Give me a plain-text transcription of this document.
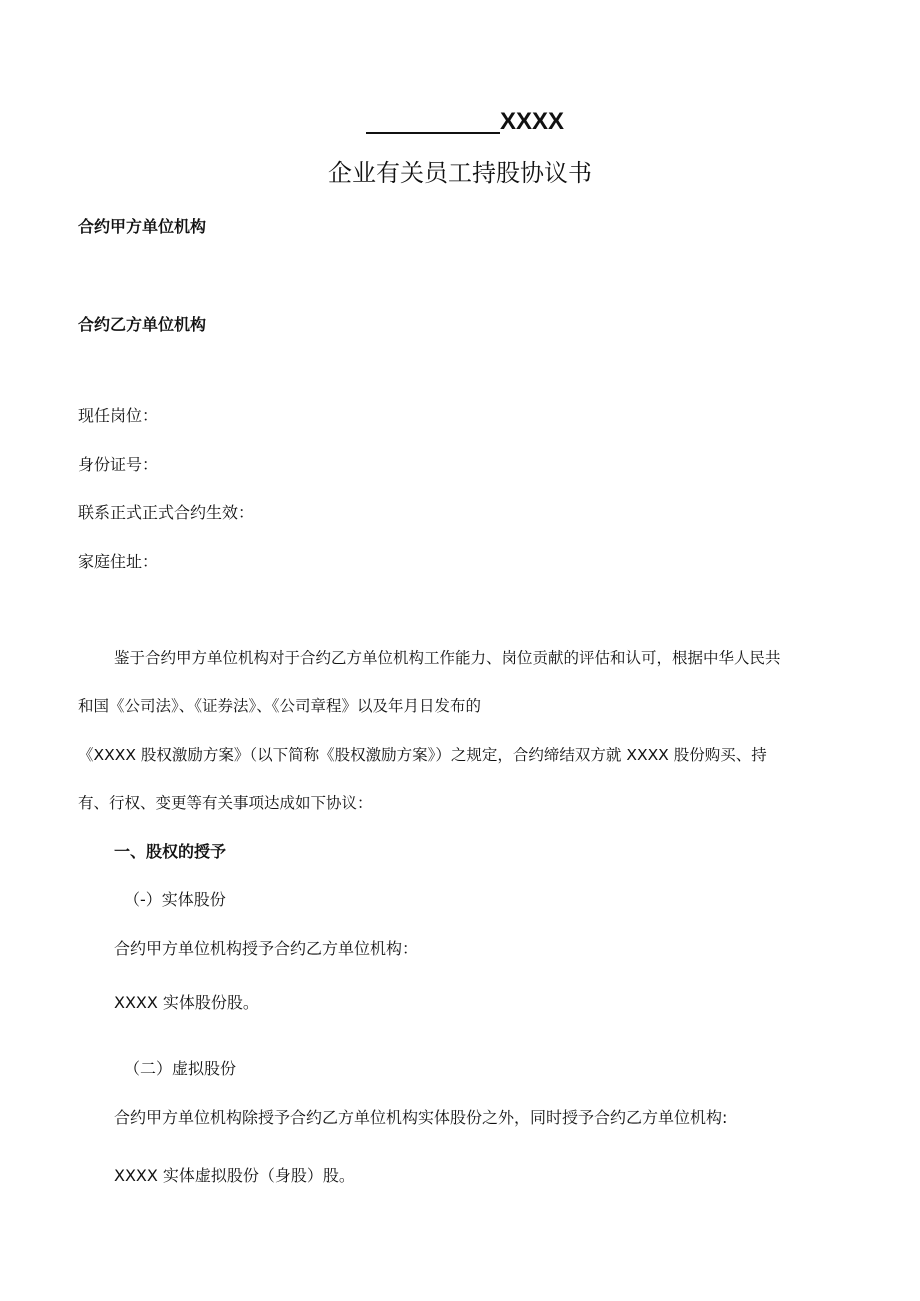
XXXX
企业有关员工持股协议书
合约甲方单位机构
合约乙方单位机构
现任岗位：
身份证号：
联系正式正式合约生效：
家庭住址：
鉴于合约甲方单位机构对于合约乙方单位机构工作能力、岗位贡献的评估和认可，根据中华人民共
和国《公司法》、《证券法》、《公司章程》以及年月日发布的
《XXXX 股权激励方案》（以下简称《股权激励方案》）之规定，合约缔结双方就 XXXX 股份购买、持
有、行权、变更等有关事项达成如下协议：
一、股权的授予
（-）实体股份
合约甲方单位机构授予合约乙方单位机构：
XXXX 实体股份股。
（二）虚拟股份
合约甲方单位机构除授予合约乙方单位机构实体股份之外，同时授予合约乙方单位机构:
XXXX 实体虚拟股份（身股）股。
